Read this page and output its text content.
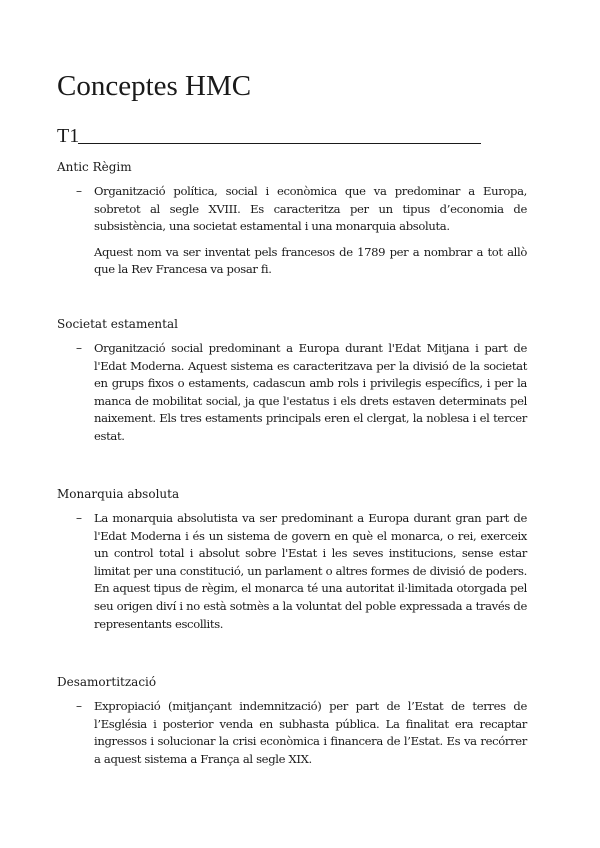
Conceptes HMC
T1
Antic Règim
– Organització política, social i econòmica que va predominar a Europa, sobretot al segle XVIII. Es caracteritza per un tipus d’economia de subsistència, una societat estamental i una monarquia absoluta.

Aquest nom va ser inventat pels francesos de 1789 per a nombrar a tot allò que la Rev Francesa va posar fi.

Societat estamental
– Organització social predominant a Europa durant l'Edat Mitjana i part de l'Edat Moderna. Aquest sistema es caracteritzava per la divisió de la societat en grups fixos o estaments, cadascun amb rols i privilegis específics, i per la manca de mobilitat social, ja que l'estatus i els drets estaven determinats pel naixement. Els tres estaments principals eren el clergat, la noblesa i el tercer estat.

Monarquia absoluta
– La monarquia absolutista va ser predominant a Europa durant gran part de l'Edat Moderna i és un sistema de govern en què el monarca, o rei, exerceix un control total i absolut sobre l'Estat i les seves institucions, sense estar limitat per una constitució, un parlament o altres formes de divisió de poders. En aquest tipus de règim, el monarca té una autoritat il·limitada otorgada pel seu origen diví i no està sotmès a la voluntat del poble expressada a través de representants escollits.

Desamortització
– Expropiació (mitjançant indemnització) per part de l’Estat de terres de l’Església i posterior venda en subhasta pública. La finalitat era recaptar ingressos i solucionar la crisi econòmica i financera de l’Estat. Es va recórrer a aquest sistema a França al segle XIX.
